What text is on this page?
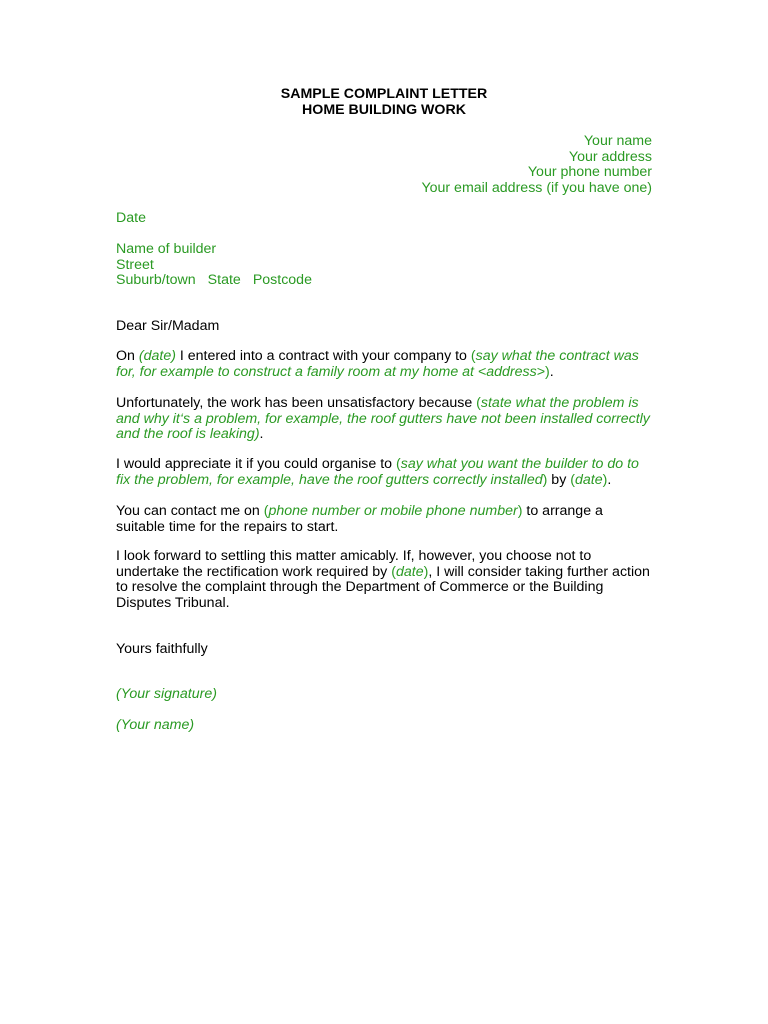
SAMPLE COMPLAINT LETTER
HOME BUILDING WORK
Your name
Your address
Your phone number
Your email address (if you have one)
Date
Name of builder
Street
Suburb/town State Postcode
Dear Sir/Madam
On (date) I entered into a contract with your company to (say what the contract was
for, for example to construct a family room at my home at <address>).
Unfortunately, the work has been unsatisfactory because (state what the problem is
and why it‘s a problem, for example, the roof gutters have not been installed correctly
and the roof is leaking).
I would appreciate it if you could organise to (say what you want the builder to do to
fix the problem, for example, have the roof gutters correctly installed) by (date).
You can contact me on (phone number or mobile phone number) to arrange a
suitable time for the repairs to start.
I look forward to settling this matter amicably. If, however, you choose not to
undertake the rectification work required by (date), I will consider taking further action
to resolve the complaint through the Department of Commerce or the Building
Disputes Tribunal.
Yours faithfully
(Your signature)
(Your name)
